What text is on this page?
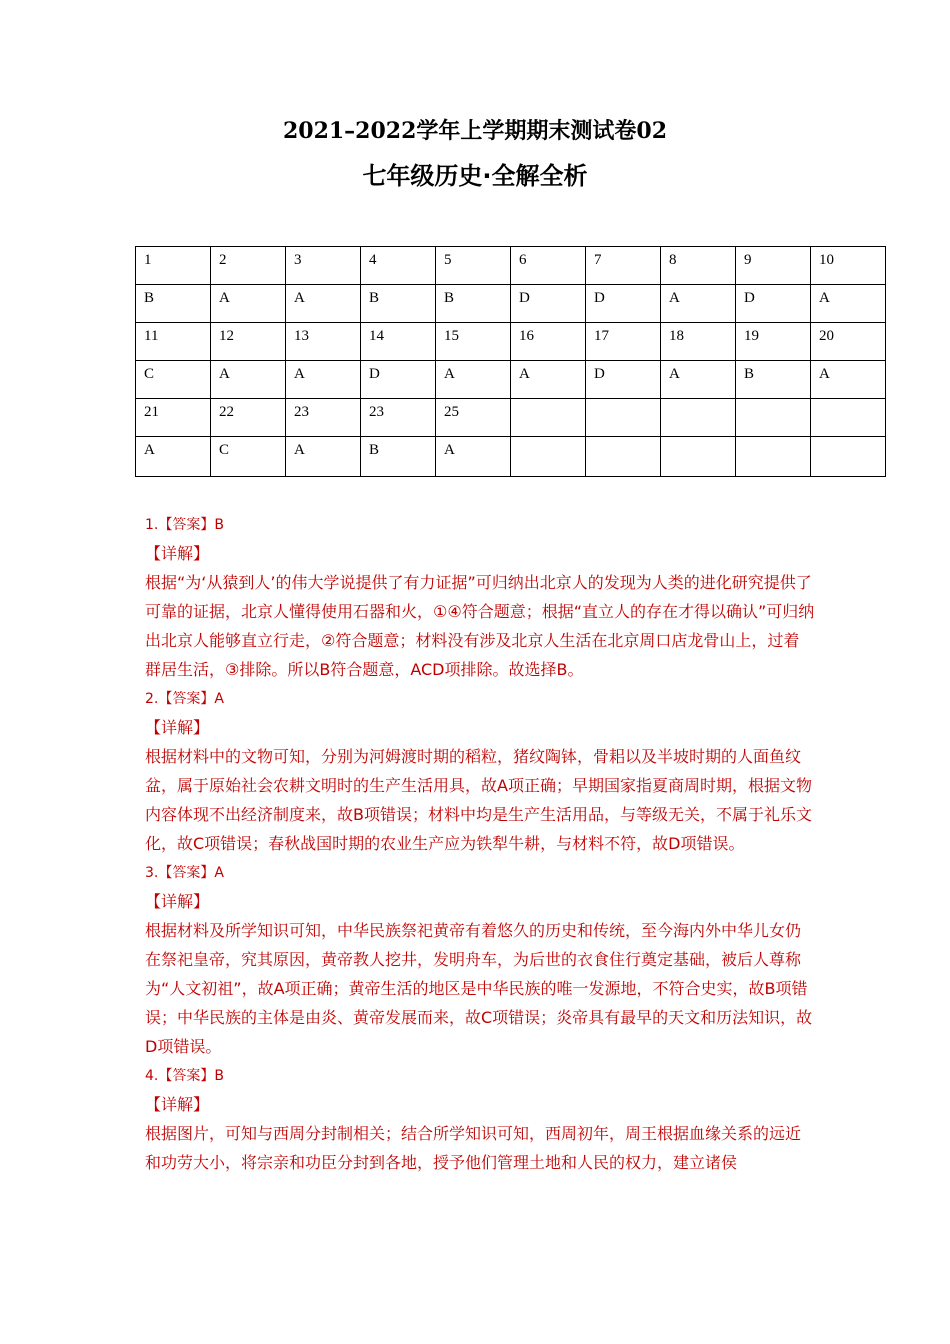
2021–2022学年上学期期末测试卷02
七年级历史·全解全析
1	2	3	4	5	6	7	8	9	10
B	A	A	B	B	D	D	A	D	A
11	12	13	14	15	16	17	18	19	20
C	A	A	D	A	A	D	A	B	A
21	22	23	23	25					
A	C	A	B	A					
1.【答案】B
【详解】

根据“为‘从猿到人’的伟大学说提供了有力证据”可归纳出北京人的发现为人类的进化研究提供了可靠的证据，北京人懂得使用石器和火，①④符合题意；根据“直立人的存在才得以确认”可归纳出北京人能够直立行走，②符合题意；材料没有涉及北京人生活在北京周口店龙骨山上，过着群居生活，③排除。所以B符合题意，ACD项排除。故选择B。

2.【答案】A
【详解】

根据材料中的文物可知，分别为河姆渡时期的稻粒，猪纹陶钵，骨耜以及半坡时期的人面鱼纹盆，属于原始社会农耕文明时的生产生活用具，故A项正确；早期国家指夏商周时期，根据文物内容体现不出经济制度来，故B项错误；材料中均是生产生活用品，与等级无关，不属于礼乐文化，故C项错误；春秋战国时期的农业生产应为铁犁牛耕，与材料不符，故D项错误。

3.【答案】A
【详解】

根据材料及所学知识可知，中华民族祭祀黄帝有着悠久的历史和传统，至今海内外中华儿女仍在祭祀皇帝，究其原因，黄帝教人挖井，发明舟车，为后世的衣食住行奠定基础，被后人尊称为“人文初祖”，故A项正确；黄帝生活的地区是中华民族的唯一发源地，不符合史实，故B项错误；中华民族的主体是由炎、黄帝发展而来，故C项错误；炎帝具有最早的天文和历法知识，故D项错误。

4.【答案】B
【详解】

根据图片，可知与西周分封制相关；结合所学知识可知，西周初年，周王根据血缘关系的远近和功劳大小，将宗亲和功臣分封到各地，授予他们管理土地和人民的权力，建立诸侯
